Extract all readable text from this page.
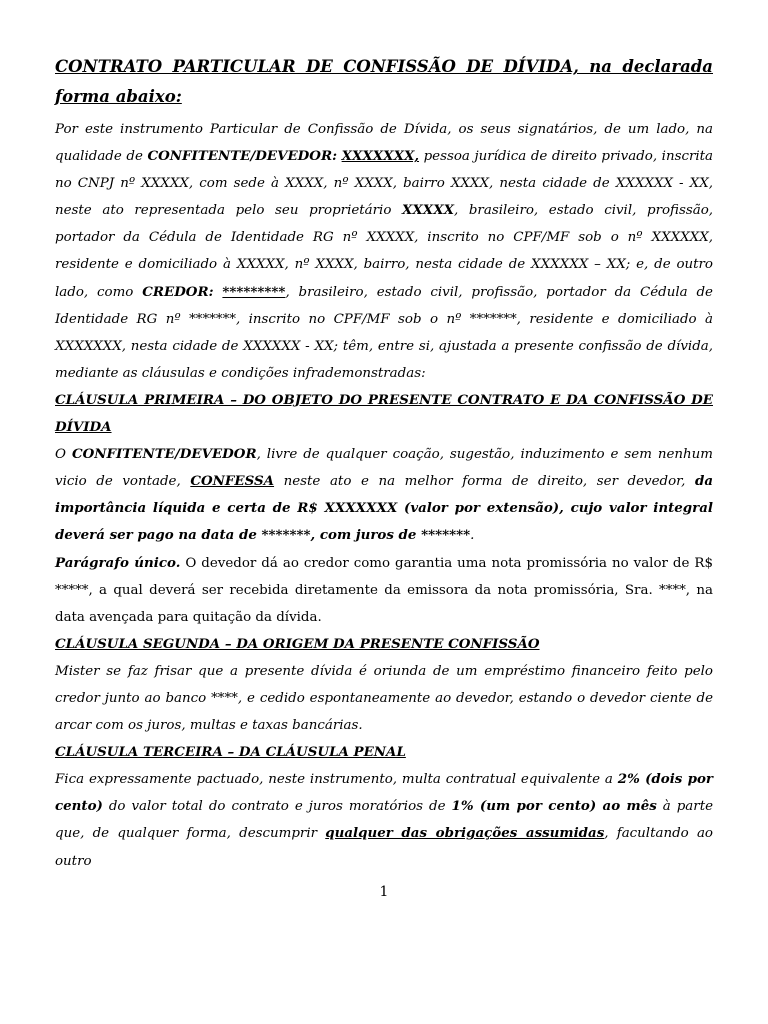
CONTRATO PARTICULAR DE CONFISSÃO DE DÍVIDA, na declarada forma abaixo:

Por este instrumento Particular de Confissão de Dívida, os seus signatários, de um lado, na qualidade de CONFITENTE/DEVEDOR: XXXXXXX, pessoa jurídica de direito privado, inscrita no CNPJ nº XXXXX, com sede à XXXX, nº XXXX, bairro XXXX, nesta cidade de XXXXXX - XX, neste ato representada pelo seu proprietário XXXXX, brasileiro, estado civil, profissão, portador da Cédula de Identidade RG nº XXXXX, inscrito no CPF/MF sob o nº XXXXXX, residente e domiciliado à XXXXX, nº XXXX, bairro, nesta cidade de XXXXXX – XX; e, de outro lado, como CREDOR: *********, brasileiro, estado civil, profissão, portador da Cédula de Identidade RG nº *******, inscrito no CPF/MF sob o nº *******, residente e domiciliado à XXXXXXX, nesta cidade de XXXXXX - XX; têm, entre si, ajustada a presente confissão de dívida, mediante as cláusulas e condições infrademonstradas:

CLÁUSULA PRIMEIRA – DO OBJETO DO PRESENTE CONTRATO E DA CONFISSÃO DE DÍVIDA

O CONFITENTE/DEVEDOR, livre de qualquer coação, sugestão, induzimento e sem nenhum vicio de vontade, CONFESSA neste ato e na melhor forma de direito, ser devedor, da importância líquida e certa de R$ XXXXXXX (valor por extensão), cujo valor integral deverá ser pago na data de *******, com juros de *******.

Parágrafo único. O devedor dá ao credor como garantia uma nota promissória no valor de R$ *****, a qual deverá ser recebida diretamente da emissora da nota promissória, Sra. ****, na data avençada para quitação da dívida.

CLÁUSULA SEGUNDA – DA ORIGEM DA PRESENTE CONFISSÃO

Mister se faz frisar que a presente dívida é oriunda de um empréstimo financeiro feito pelo credor junto ao banco ****, e cedido espontaneamente ao devedor, estando o devedor ciente de arcar com os juros, multas e taxas bancárias.

CLÁUSULA TERCEIRA – DA CLÁUSULA PENAL

Fica expressamente pactuado, neste instrumento, multa contratual equivalente a 2% (dois por cento) do valor total do contrato e juros moratórios de 1% (um por cento) ao mês à parte que, de qualquer forma, descumprir qualquer das obrigações assumidas, facultando ao outro

1
